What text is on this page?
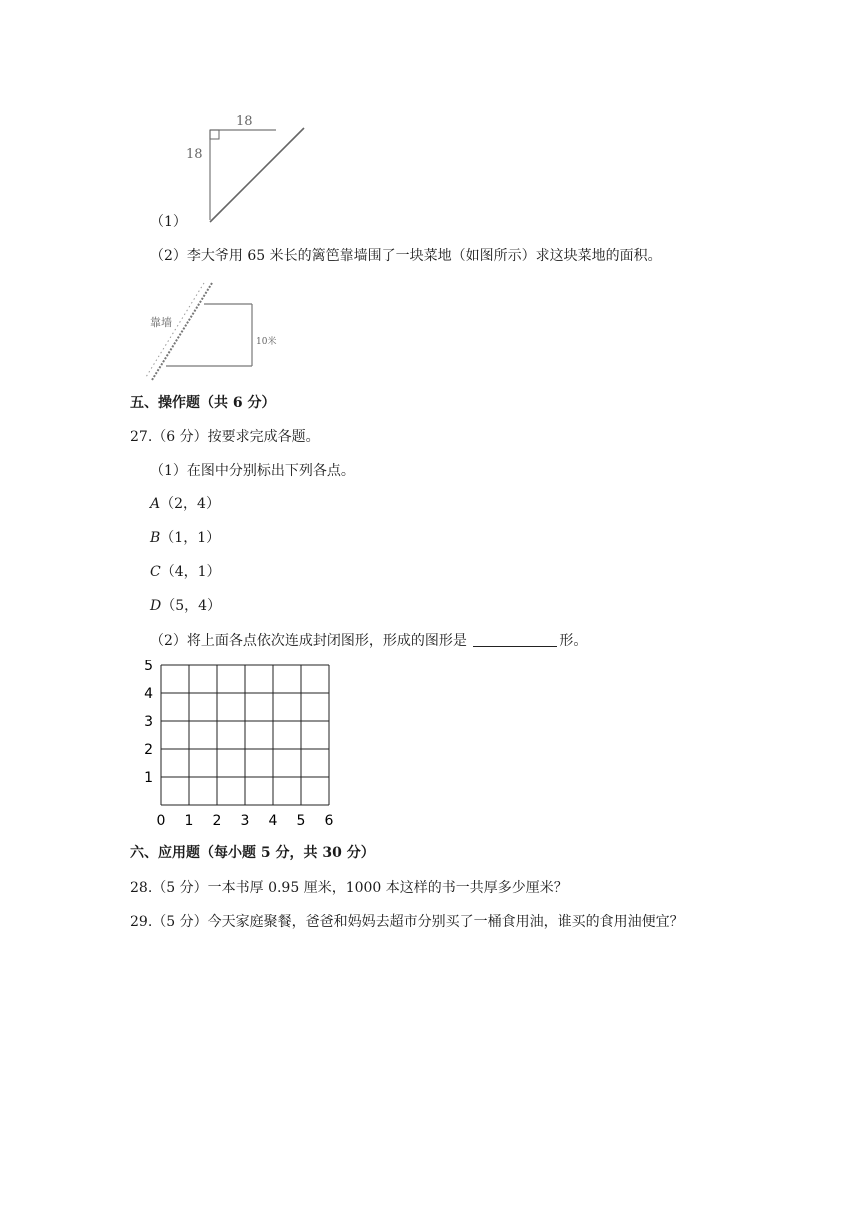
18
18
（1）
（2）李大爷用 65 米长的篱笆靠墙围了一块菜地（如图所示）求这块菜地的面积。
靠墙
10米
五、操作题（共 6 分）
27.（6 分）按要求完成各题。
（1）在图中分别标出下列各点。
A（2，4）
B（1，1）
C（4，1）
D（5，4）
（2）将上面各点依次连成封闭图形，形成的图形是	形。
5
4
3
2
1
0 1 2 3 4 5 6
六、应用题（每小题 5 分，共 30 分）
28.（5 分）一本书厚 0.95 厘米，1000 本这样的书一共厚多少厘米？
29.（5 分）今天家庭聚餐，爸爸和妈妈去超市分别买了一桶食用油，谁买的食用油便宜？
